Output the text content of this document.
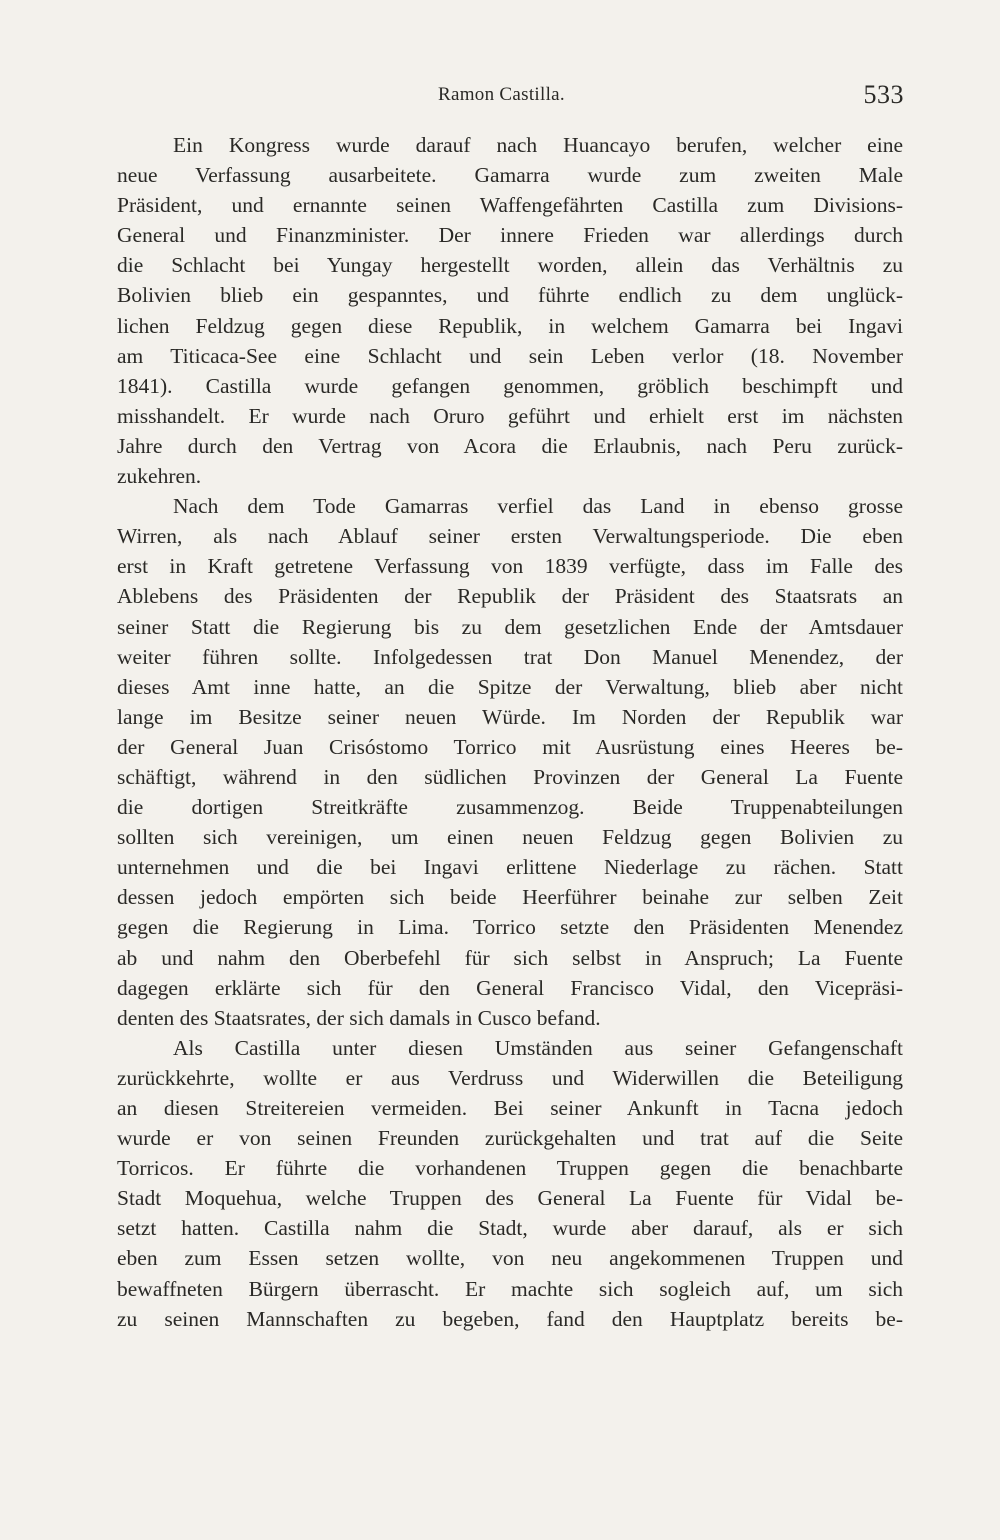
Ramon Castilla.	533
Ein Kongress wurde darauf nach Huancayo berufen, welcher eine
neue Verfassung ausarbeitete. Gamarra wurde zum zweiten Male
Präsident, und ernannte seinen Waffengefährten Castilla zum Divisions-
General und Finanzminister. Der innere Frieden war allerdings durch
die Schlacht bei Yungay hergestellt worden, allein das Verhältnis zu
Bolivien blieb ein gespanntes, und führte endlich zu dem unglück-
lichen Feldzug gegen diese Republik, in welchem Gamarra bei Ingavi
am Titicaca-See eine Schlacht und sein Leben verlor (18. November
1841). Castilla wurde gefangen genommen, gröblich beschimpft und
misshandelt. Er wurde nach Oruro geführt und erhielt erst im nächsten
Jahre durch den Vertrag von Acora die Erlaubnis, nach Peru zurück-
zukehren.
Nach dem Tode Gamarras verfiel das Land in ebenso grosse
Wirren, als nach Ablauf seiner ersten Verwaltungsperiode. Die eben
erst in Kraft getretene Verfassung von 1839 verfügte, dass im Falle des
Ablebens des Präsidenten der Republik der Präsident des Staatsrats an
seiner Statt die Regierung bis zu dem gesetzlichen Ende der Amtsdauer
weiter führen sollte. Infolgedessen trat Don Manuel Menendez, der
dieses Amt inne hatte, an die Spitze der Verwaltung, blieb aber nicht
lange im Besitze seiner neuen Würde. Im Norden der Republik war
der General Juan Crisóstomo Torrico mit Ausrüstung eines Heeres be-
schäftigt, während in den südlichen Provinzen der General La Fuente
die dortigen Streitkräfte zusammenzog. Beide Truppenabteilungen
sollten sich vereinigen, um einen neuen Feldzug gegen Bolivien zu
unternehmen und die bei Ingavi erlittene Niederlage zu rächen. Statt
dessen jedoch empörten sich beide Heerführer beinahe zur selben Zeit
gegen die Regierung in Lima. Torrico setzte den Präsidenten Menendez
ab und nahm den Oberbefehl für sich selbst in Anspruch; La Fuente
dagegen erklärte sich für den General Francisco Vidal, den Vicepräsi-
denten des Staatsrates, der sich damals in Cusco befand.
Als Castilla unter diesen Umständen aus seiner Gefangenschaft
zurückkehrte, wollte er aus Verdruss und Widerwillen die Beteiligung
an diesen Streitereien vermeiden. Bei seiner Ankunft in Tacna jedoch
wurde er von seinen Freunden zurückgehalten und trat auf die Seite
Torricos. Er führte die vorhandenen Truppen gegen die benachbarte
Stadt Moquehua, welche Truppen des General La Fuente für Vidal be-
setzt hatten. Castilla nahm die Stadt, wurde aber darauf, als er sich
eben zum Essen setzen wollte, von neu angekommenen Truppen und
bewaffneten Bürgern überrascht. Er machte sich sogleich auf, um sich
zu seinen Mannschaften zu begeben, fand den Hauptplatz bereits be-
